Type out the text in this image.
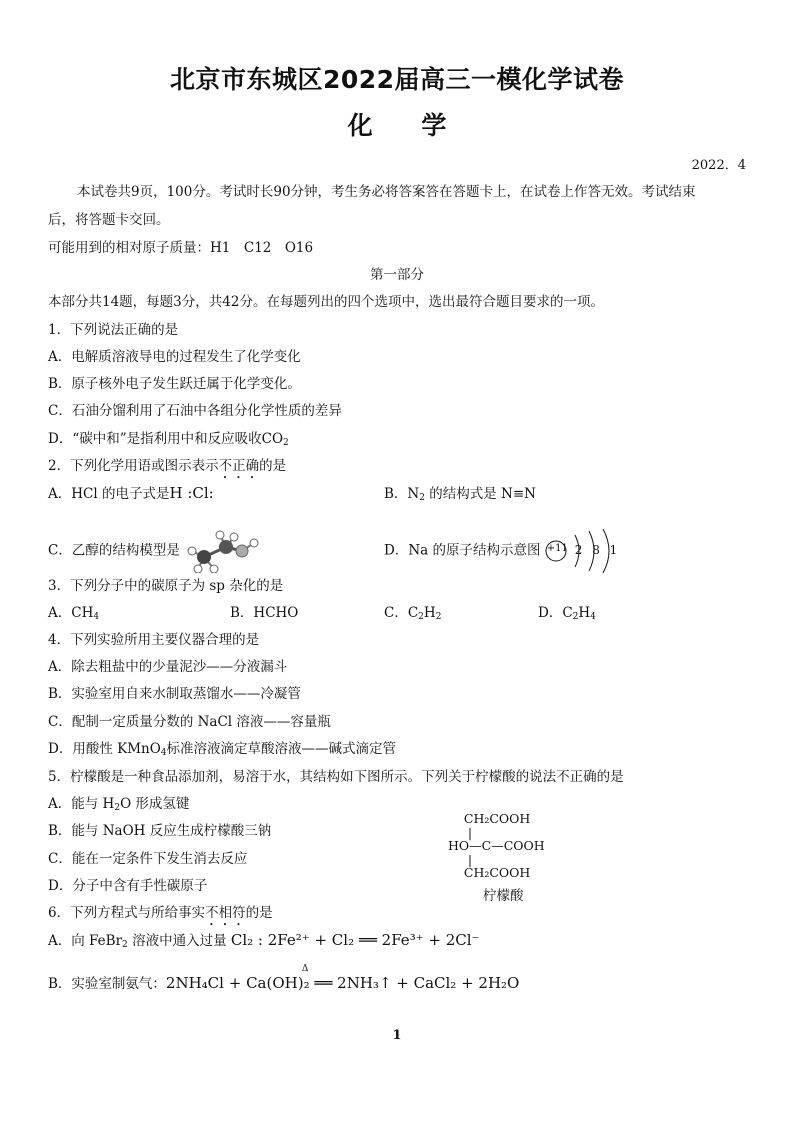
北京市东城区2022届高三一模化学试卷
化 学
2022．4
本试卷共9页，100分。考试时长90分钟，考生务必将答案答在答题卡上，在试卷上作答无效。考试结束
后，将答题卡交回。
可能用到的相对原子质量：H1　C12　O16
第一部分
本部分共14题，每题3分，共42分。在每题列出的四个选项中，选出最符合题目要求的一项。
1．下列说法正确的是
A．电解质溶液导电的过程发生了化学变化
B．原子核外电子发生跃迁属于化学变化。
C．石油分馏利用了石油中各组分化学性质的差异
D．“碳中和”是指利用中和反应吸收$CO_2$
2．下列化学用语或图示表示不正确的是
A．HCl 的电子式是H :Cl:	B．$N_2$ 的结构式是 N≡N
C．乙醇的结构模型是	D．Na 的原子结构示意图 +11 2 8 1
3．下列分子中的碳原子为 sp 杂化的是
A．$CH_4$	B．HCHO	C．$C_2H_2$	D．$C_2H_4$
4．下列实验所用主要仪器合理的是
A．除去粗盐中的少量泥沙——分液漏斗
B．实验室用自来水制取蒸馏水——冷凝管
C．配制一定质量分数的 NaCl 溶液——容量瓶
D．用酸性 KMnO$_4$标准溶液滴定草酸溶液——碱式滴定管
5．柠檬酸是一种食品添加剂，易溶于水，其结构如下图所示。下列关于柠檬酸的说法不正确的是
A．能与 $H_2O$ 形成氢键
B．能与 NaOH 反应生成柠檬酸三钠
C．能在一定条件下发生消去反应
D．分子中含有手性碳原子
CH₂COOH
|
HO—C—COOH
|
CH₂COOH
柠檬酸
6．下列方程式与所给事实不相符的是
A．向 FeBr$_2$ 溶液中通入过量 Cl₂ : 2Fe²⁺ + Cl₂ ══ 2Fe³⁺ + 2Cl⁻
B．实验室制氨气：2NH₄Cl + Ca(OH)₂ ══ 2NH₃↑ + CaCl₂ + 2H₂O
Δ
1
